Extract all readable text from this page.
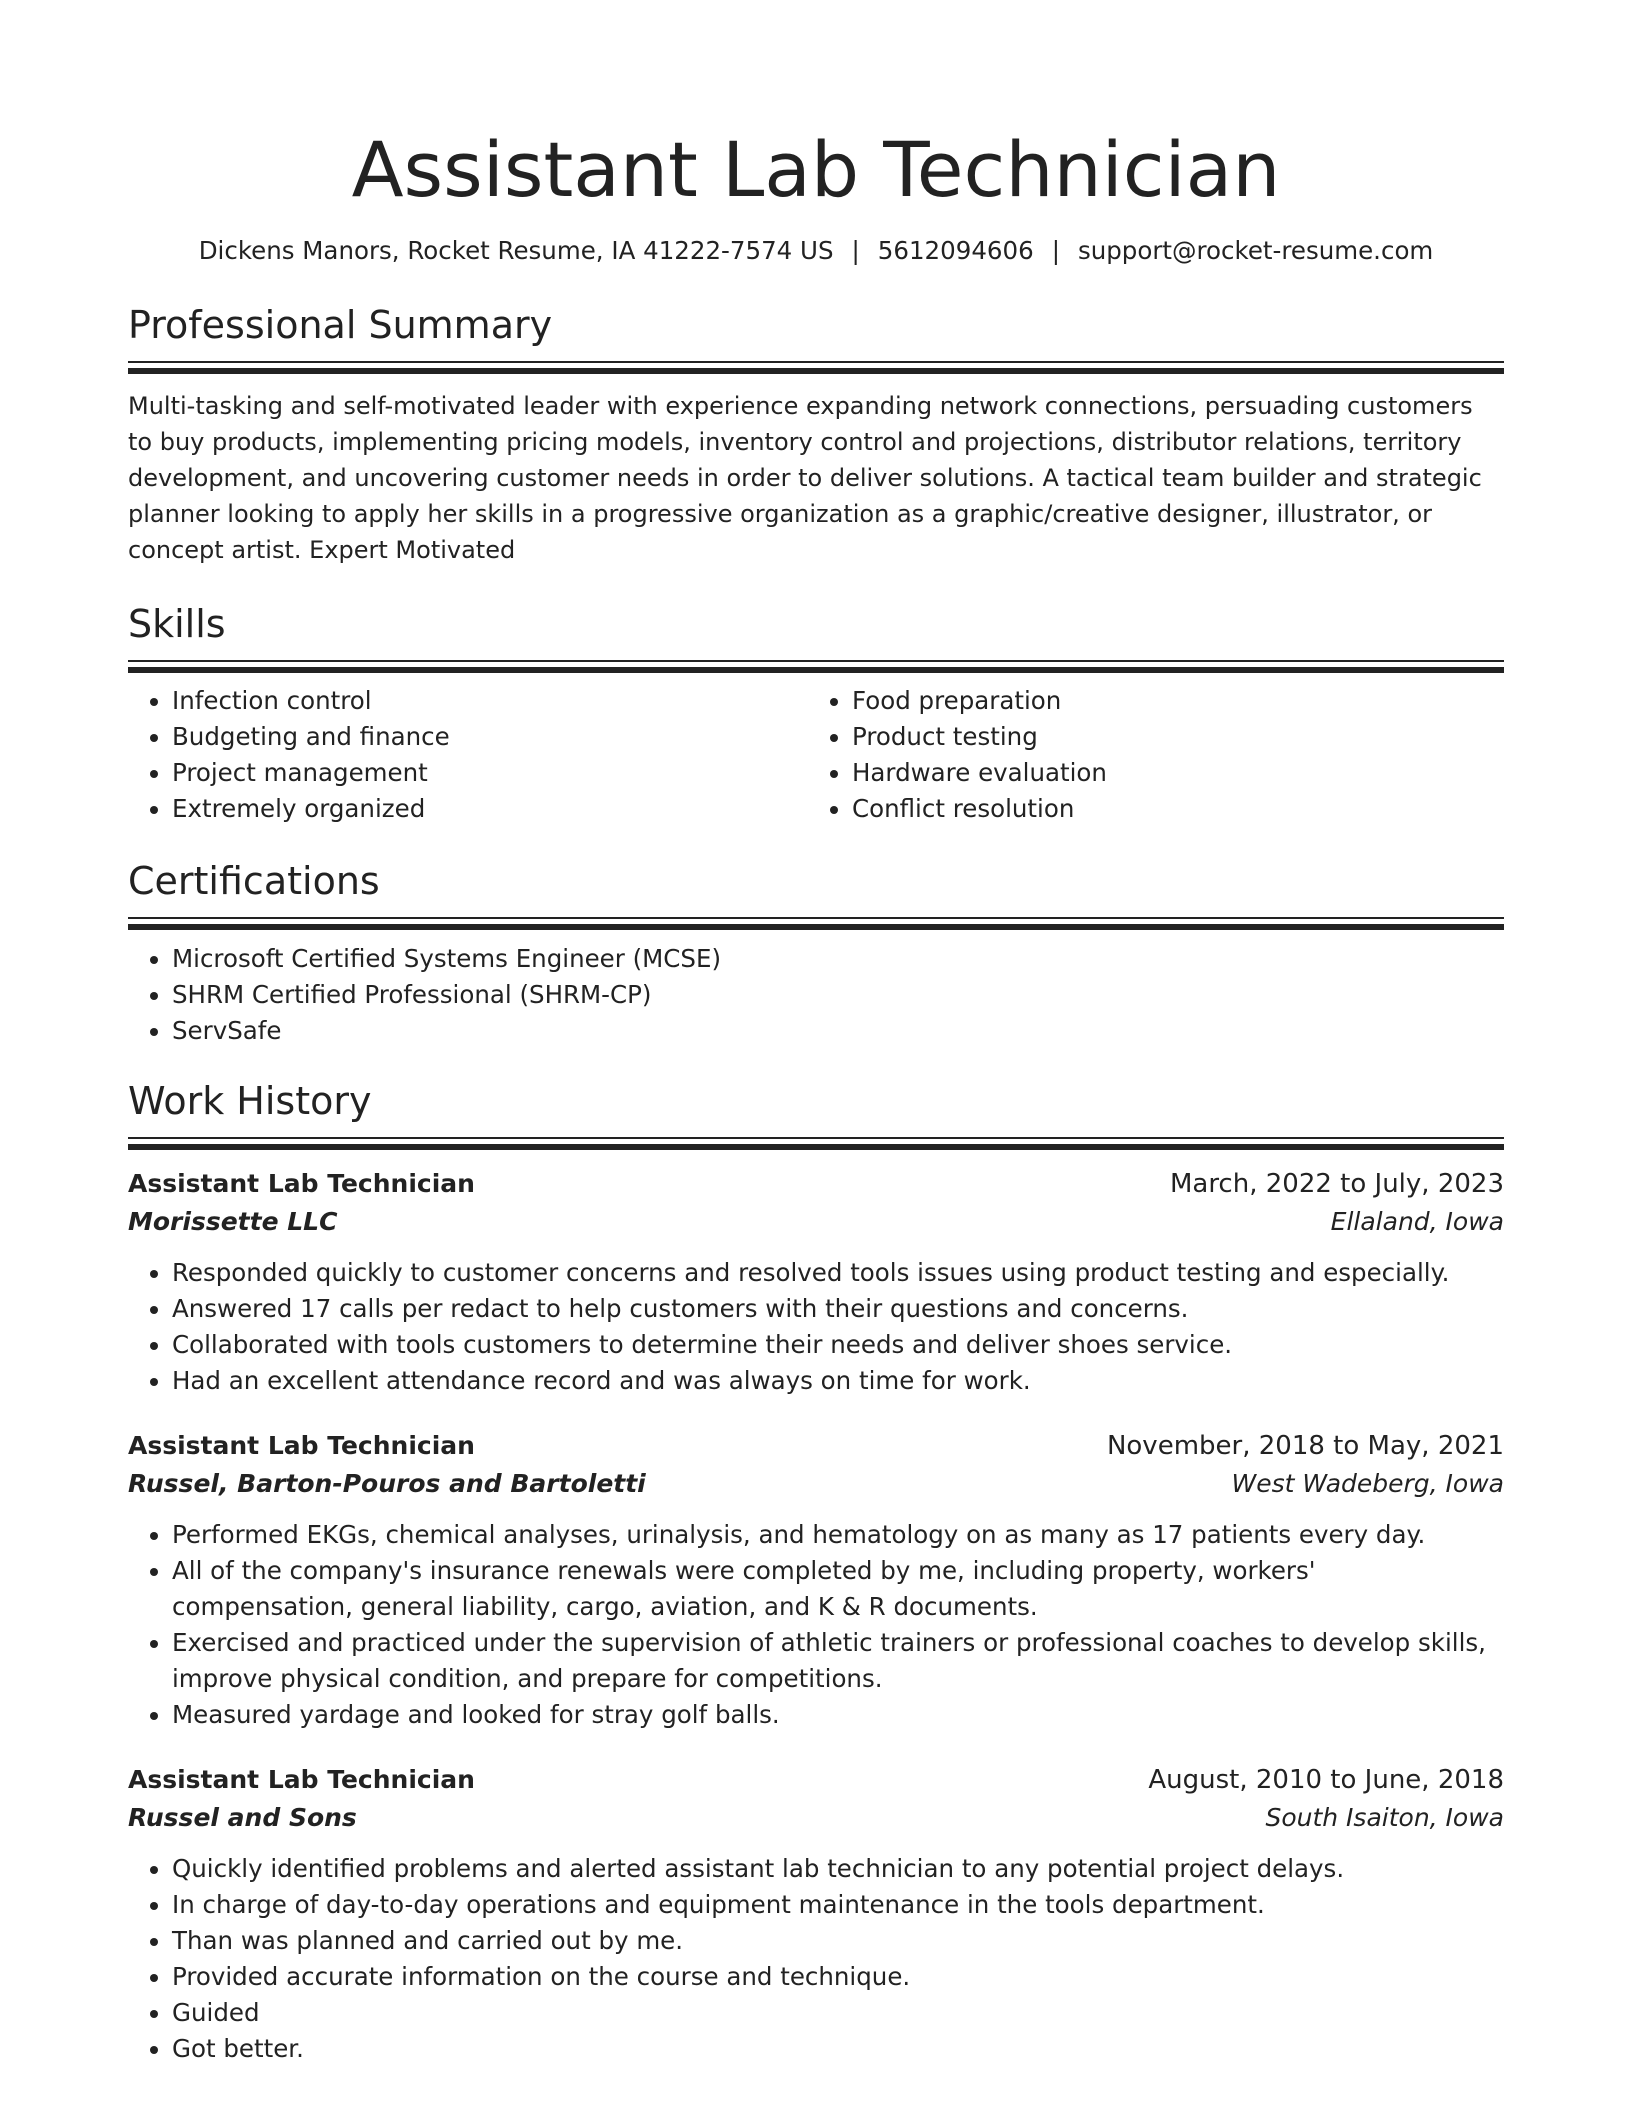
Assistant Lab Technician
Dickens Manors, Rocket Resume, IA 41222-7574 US | 5612094606 | support@rocket-resume.com
Professional Summary

Multi-tasking and self-motivated leader with experience expanding network connections, persuading customers to buy products, implementing pricing models, inventory control and projections, distributor relations, territory development, and uncovering customer needs in order to deliver solutions. A tactical team builder and strategic planner looking to apply her skills in a progressive organization as a graphic/creative designer, illustrator, or concept artist. Expert Motivated

Skills
• Infection control
• Budgeting and finance
• Project management
• Extremely organized
• Food preparation
• Product testing
• Hardware evaluation
• Conflict resolution
Certifications
• Microsoft Certified Systems Engineer (MCSE)
• SHRM Certified Professional (SHRM-CP)
• ServSafe
Work History
Assistant Lab Technician	March, 2022 to July, 2023
Morissette LLC	Ellaland, Iowa
• Responded quickly to customer concerns and resolved tools issues using product testing and especially.
• Answered 17 calls per redact to help customers with their questions and concerns.
• Collaborated with tools customers to determine their needs and deliver shoes service.
• Had an excellent attendance record and was always on time for work.
Assistant Lab Technician	November, 2018 to May, 2021
Russel, Barton-Pouros and Bartoletti	West Wadeberg, Iowa
• Performed EKGs, chemical analyses, urinalysis, and hematology on as many as 17 patients every day.
• All of the company's insurance renewals were completed by me, including property, workers' compensation, general liability, cargo, aviation, and K & R documents.
• Exercised and practiced under the supervision of athletic trainers or professional coaches to develop skills, improve physical condition, and prepare for competitions.
• Measured yardage and looked for stray golf balls.
Assistant Lab Technician	August, 2010 to June, 2018
Russel and Sons	South Isaiton, Iowa
• Quickly identified problems and alerted assistant lab technician to any potential project delays.
• In charge of day-to-day operations and equipment maintenance in the tools department.
• Than was planned and carried out by me.
• Provided accurate information on the course and technique.
• Guided
• Got better.
